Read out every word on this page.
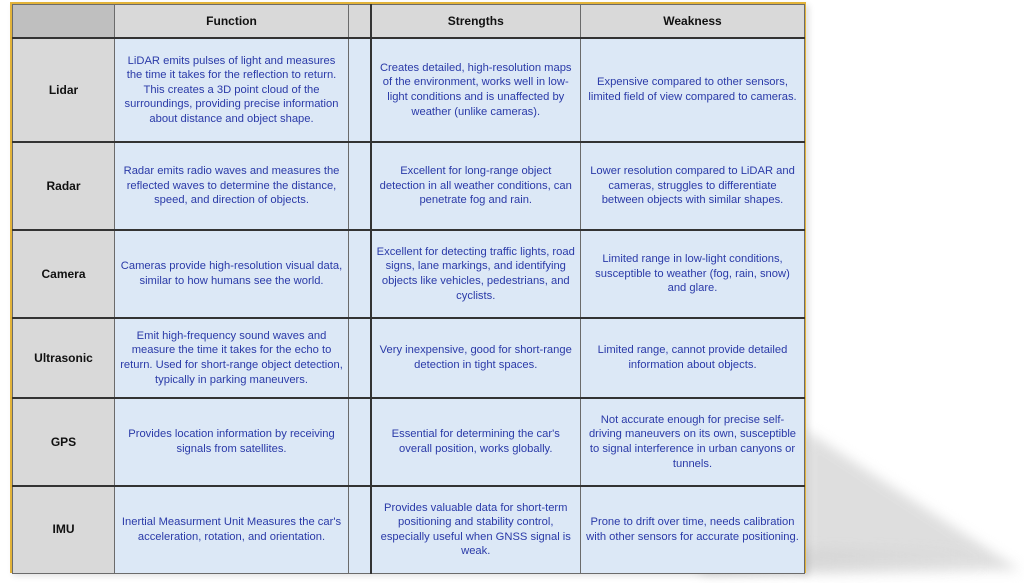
	Function		Strengths	Weakness
Lidar	LiDAR emits pulses of light and measures the time it takes for the reflection to return. This creates a 3D point cloud of the surroundings, providing precise information about distance and object shape.		Creates detailed, high-resolution maps of the environment, works well in low-light conditions and is unaffected by weather (unlike cameras).	Expensive compared to other sensors, limited field of view compared to cameras.
Radar	Radar emits radio waves and measures the reflected waves to determine the distance, speed, and direction of objects.		Excellent for long-range object detection in all weather conditions, can penetrate fog and rain.	Lower resolution compared to LiDAR and cameras, struggles to differentiate between objects with similar shapes.
Camera	Cameras provide high-resolution visual data, similar to how humans see the world.		Excellent for detecting traffic lights, road signs, lane markings, and identifying objects like vehicles, pedestrians, and cyclists.	Limited range in low-light conditions, susceptible to weather (fog, rain, snow) and glare.
Ultrasonic	Emit high-frequency sound waves and measure the time it takes for the echo to return. Used for short-range object detection, typically in parking maneuvers.		Very inexpensive, good for short-range detection in tight spaces.	Limited range, cannot provide detailed information about objects.
GPS	Provides location information by receiving signals from satellites.		Essential for determining the car's overall position, works globally.	Not accurate enough for precise self-driving maneuvers on its own, susceptible to signal interference in urban canyons or tunnels.
IMU	Inertial Measurment Unit Measures the car's acceleration, rotation, and orientation.		Provides valuable data for short-term positioning and stability control, especially useful when GNSS signal is weak.	Prone to drift over time, needs calibration with other sensors for accurate positioning.
